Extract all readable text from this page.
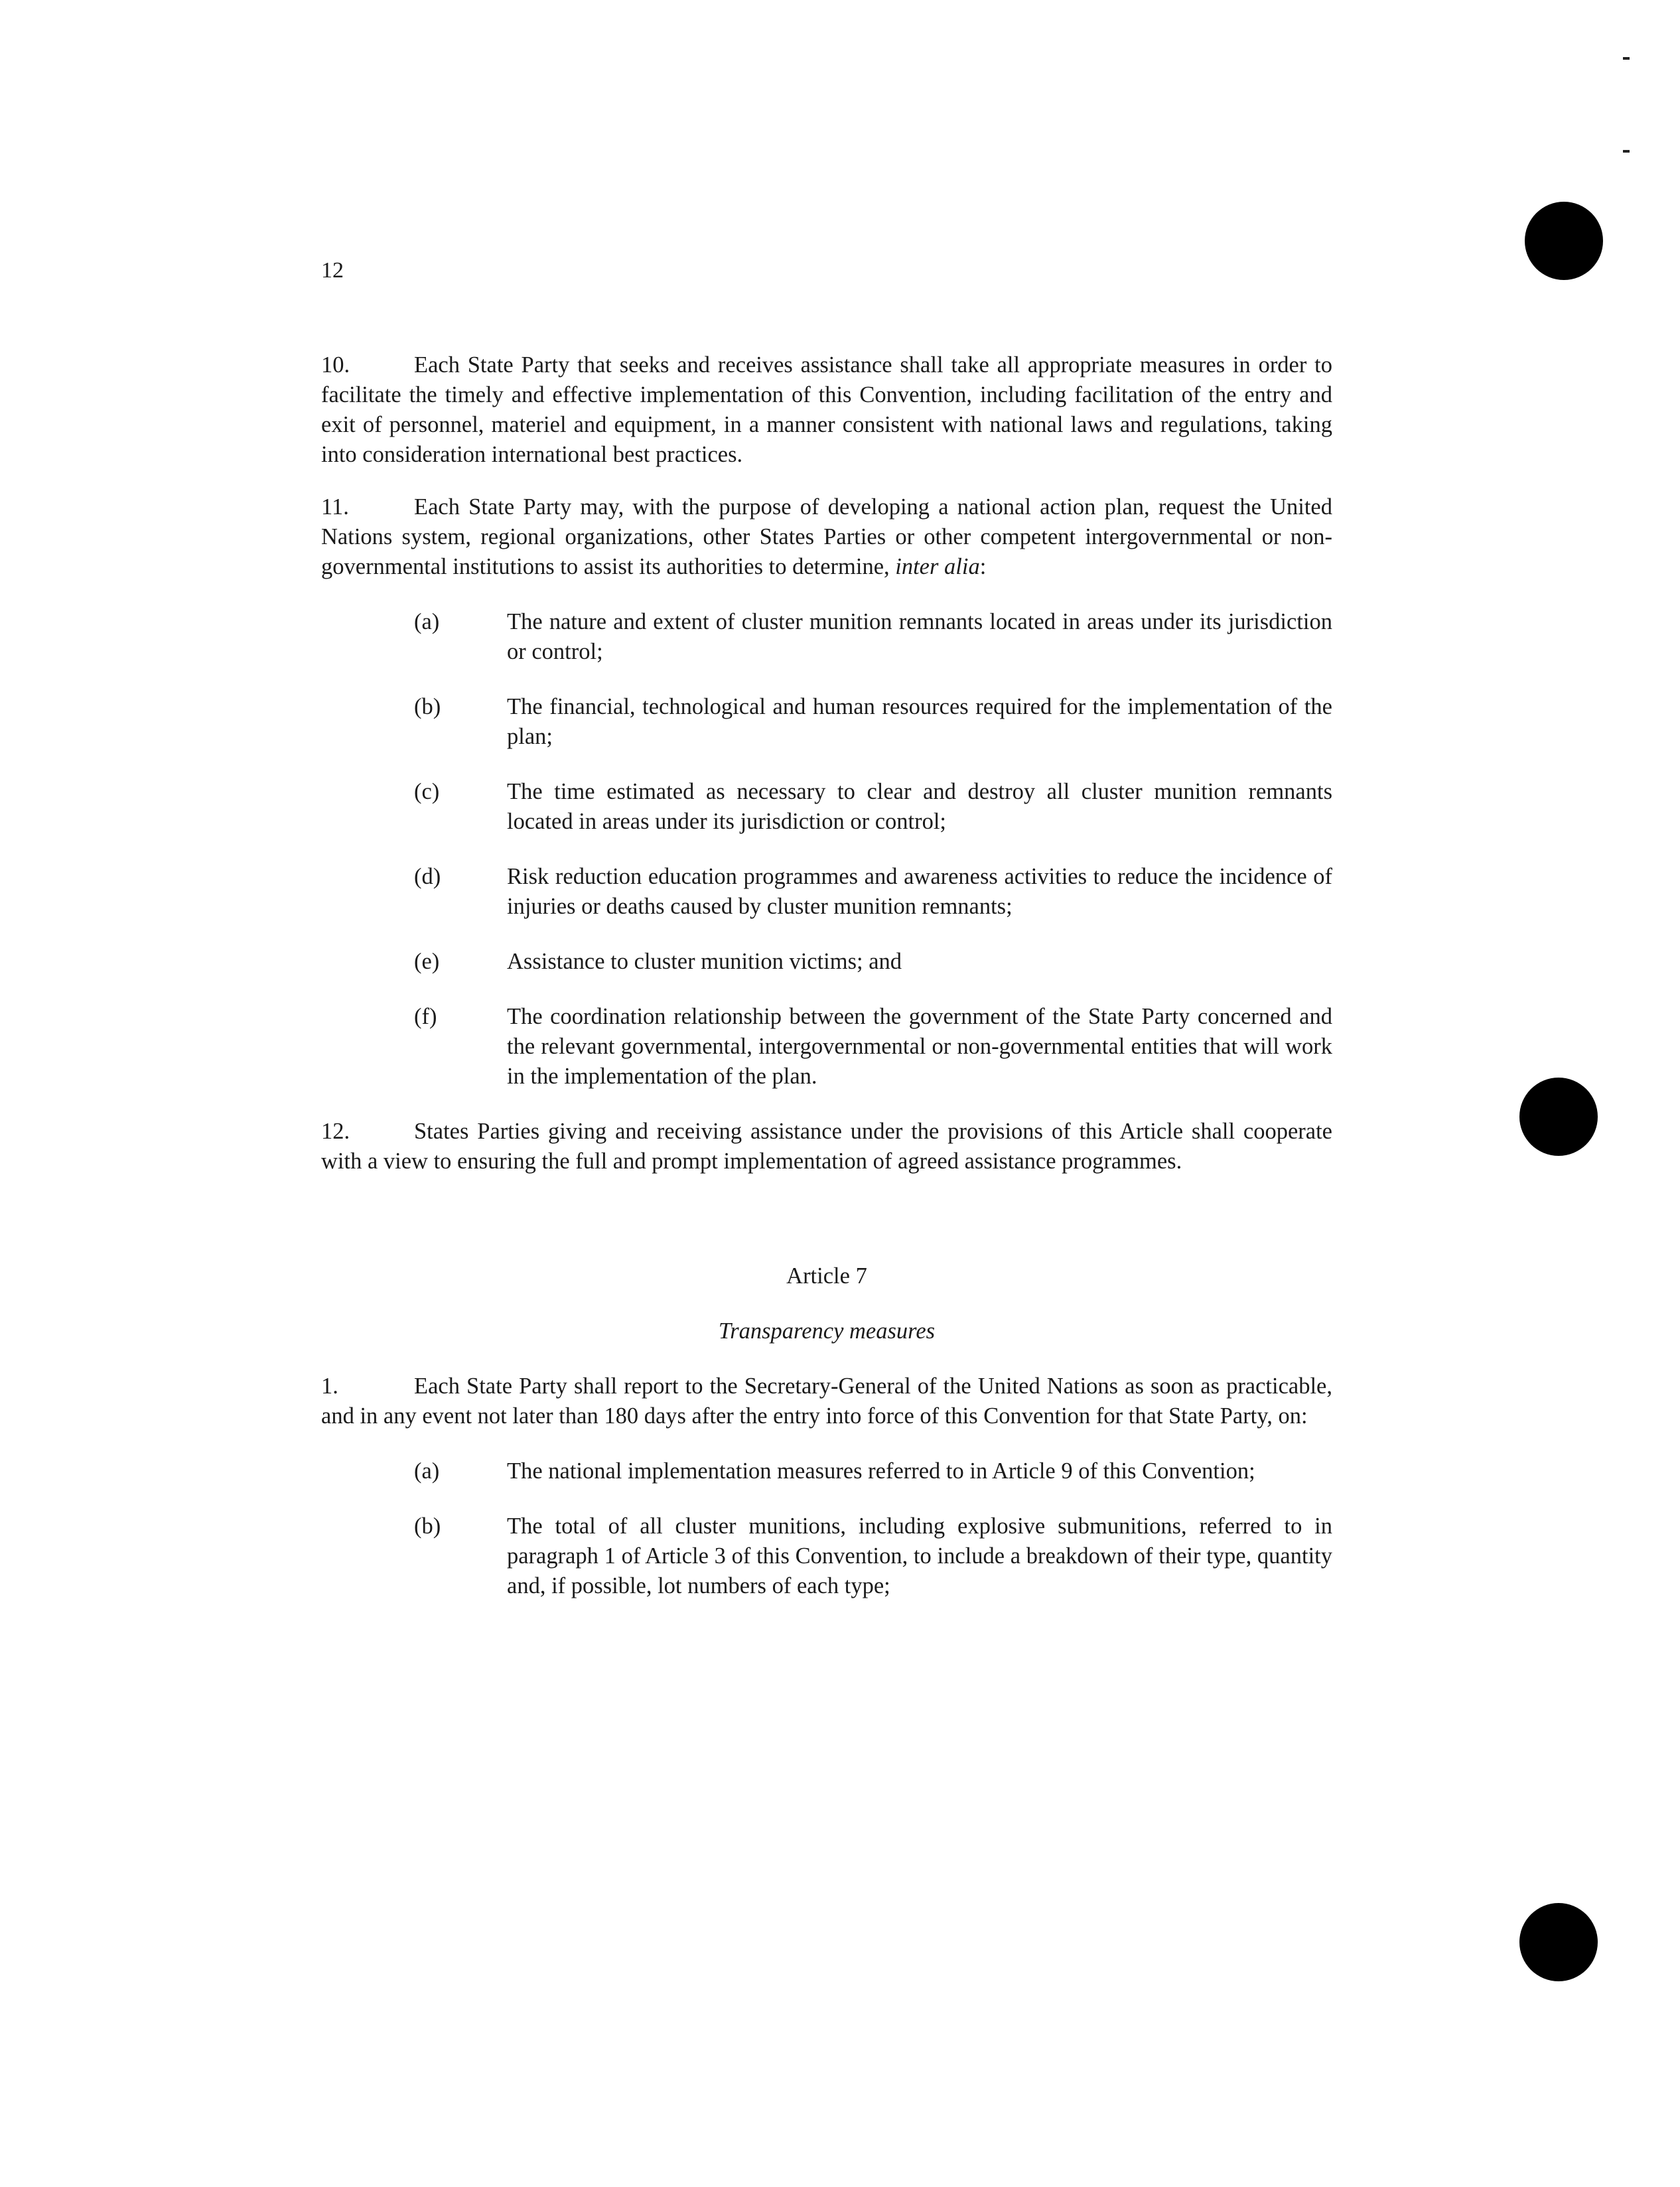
12

10.	Each State Party that seeks and receives assistance shall take all appropriate measures in order to facilitate the timely and effective implementation of this Convention, including facilitation of the entry and exit of personnel, materiel and equipment, in a manner consistent with national laws and regulations, taking into consideration international best practices.

11.	Each State Party may, with the purpose of developing a national action plan, request the United Nations system, regional organizations, other States Parties or other competent intergovernmental or non-governmental institutions to assist its authorities to determine, inter alia:

(a)	The nature and extent of cluster munition remnants located in areas under its jurisdiction or control;
(b)	The financial, technological and human resources required for the implementation of the plan;
(c)	The time estimated as necessary to clear and destroy all cluster munition remnants located in areas under its jurisdiction or control;
(d)	Risk reduction education programmes and awareness activities to reduce the incidence of injuries or deaths caused by cluster munition remnants;
(e)	Assistance to cluster munition victims; and
(f)	The coordination relationship between the government of the State Party concerned and the relevant governmental, intergovernmental or non-governmental entities that will work in the implementation of the plan.

12.	States Parties giving and receiving assistance under the provisions of this Article shall cooperate with a view to ensuring the full and prompt implementation of agreed assistance programmes.

Article 7

Transparency measures

1.	Each State Party shall report to the Secretary-General of the United Nations as soon as practicable, and in any event not later than 180 days after the entry into force of this Convention for that State Party, on:

(a)	The national implementation measures referred to in Article 9 of this Convention;
(b)	The total of all cluster munitions, including explosive submunitions, referred to in paragraph 1 of Article 3 of this Convention, to include a breakdown of their type, quantity and, if possible, lot numbers of each type;
